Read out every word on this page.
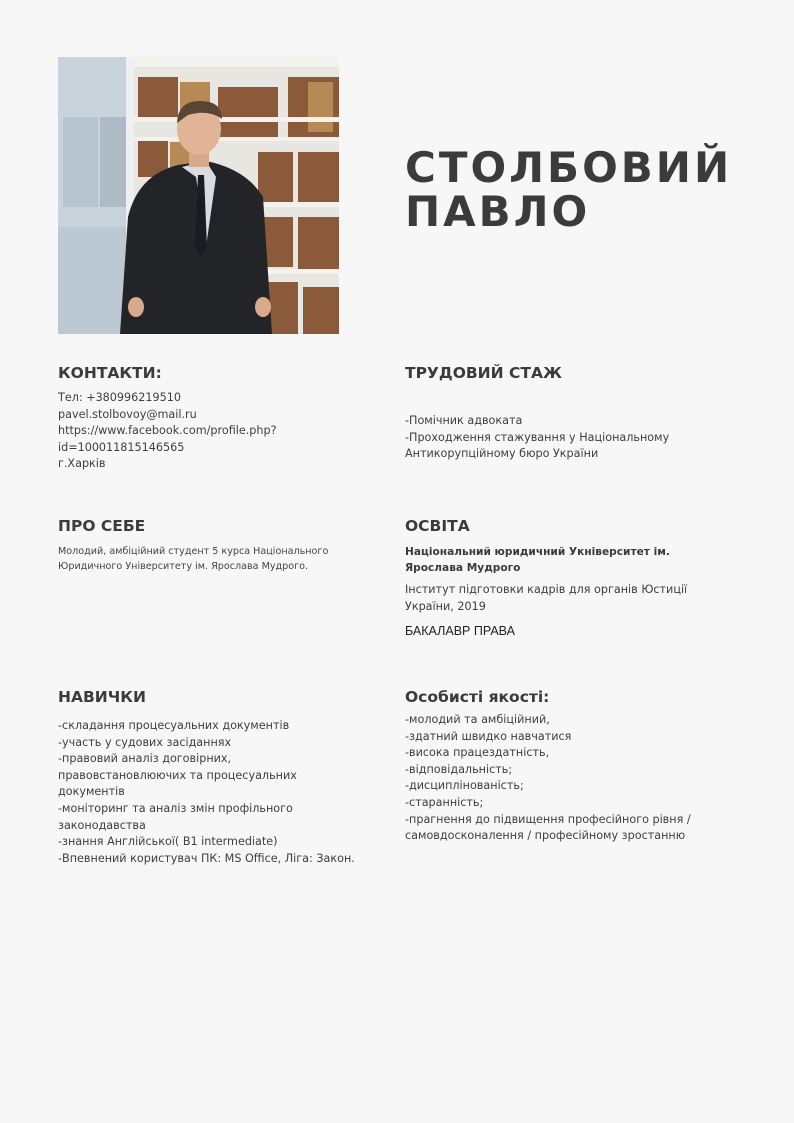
СТОЛБОВИЙ
ПАВЛО
КОНТАКТИ:
Тел: +380996219510
pavel.stolbovoy@mail.ru
https://www.facebook.com/profile.php?
id=100011815146565
г.Харків
ТРУДОВИЙ СТАЖ
-Помічник адвоката
-Проходження стажування у Національному
Антикорупційному бюро України
ПРО СЕБЕ
Молодий, амбіційний студент 5 курса Національного
Юридичного Університету ім. Ярослава Мудрого.
ОСВІТА
Національний юридичний Укніверситет ім.
Ярослава Мудрого
Інститут підготовки кадрів для органів Юстиції
України, 2019
БАКАЛАВР ПРАВА
НАВИЧКИ
-складання процесуальних документів
-участь у судових засіданнях
-правовий аналіз договірних,
правовстановлюючих та процесуальних
документів
-моніторинг та аналіз змін профільного
законодавства
-знання Англійської( B1 intermediate)
-Впевнений користувач ПК: MS Office, Ліга: Закон.
Особисті якості:
-молодий та амбіційний,
-здатний швидко навчатися
-висока працездатність,
-відповідальність;
-дисциплінованість;
-старанність;
-прагнення до підвищення професійного рівня /
самовдосконалення / професійному зростанню
